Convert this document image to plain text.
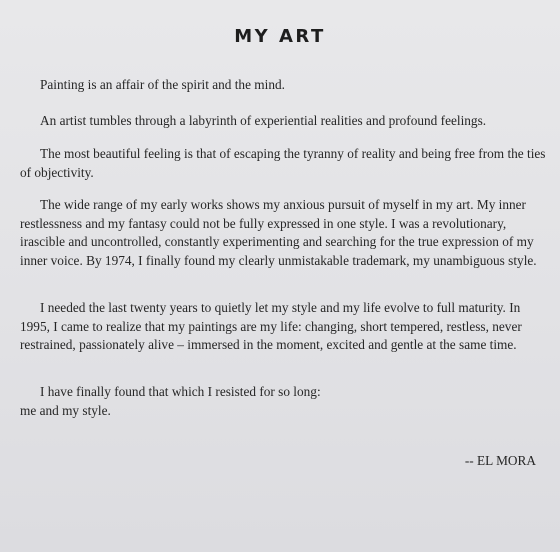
MY ART

Painting is an affair of the spirit and the mind.

An artist tumbles through a labyrinth of experiential realities and profound feelings.

The most beautiful feeling is that of escaping the tyranny of reality and being free from the ties of objectivity.

The wide range of my early works shows my anxious pursuit of myself in my art. My inner restlessness and my fantasy could not be fully expressed in one style. I was a revolutionary, irascible and uncontrolled, constantly experimenting and searching for the true expression of my inner voice. By 1974, I finally found my clearly unmistakable trademark, my unambiguous style.

I needed the last twenty years to quietly let my style and my life evolve to full maturity. In 1995, I came to realize that my paintings are my life: changing, short tempered, restless, never restrained, passionately alive – immersed in the moment, excited and gentle at the same time.

I have finally found that which I resisted for so long:
me and my style.

-- EL MORA
